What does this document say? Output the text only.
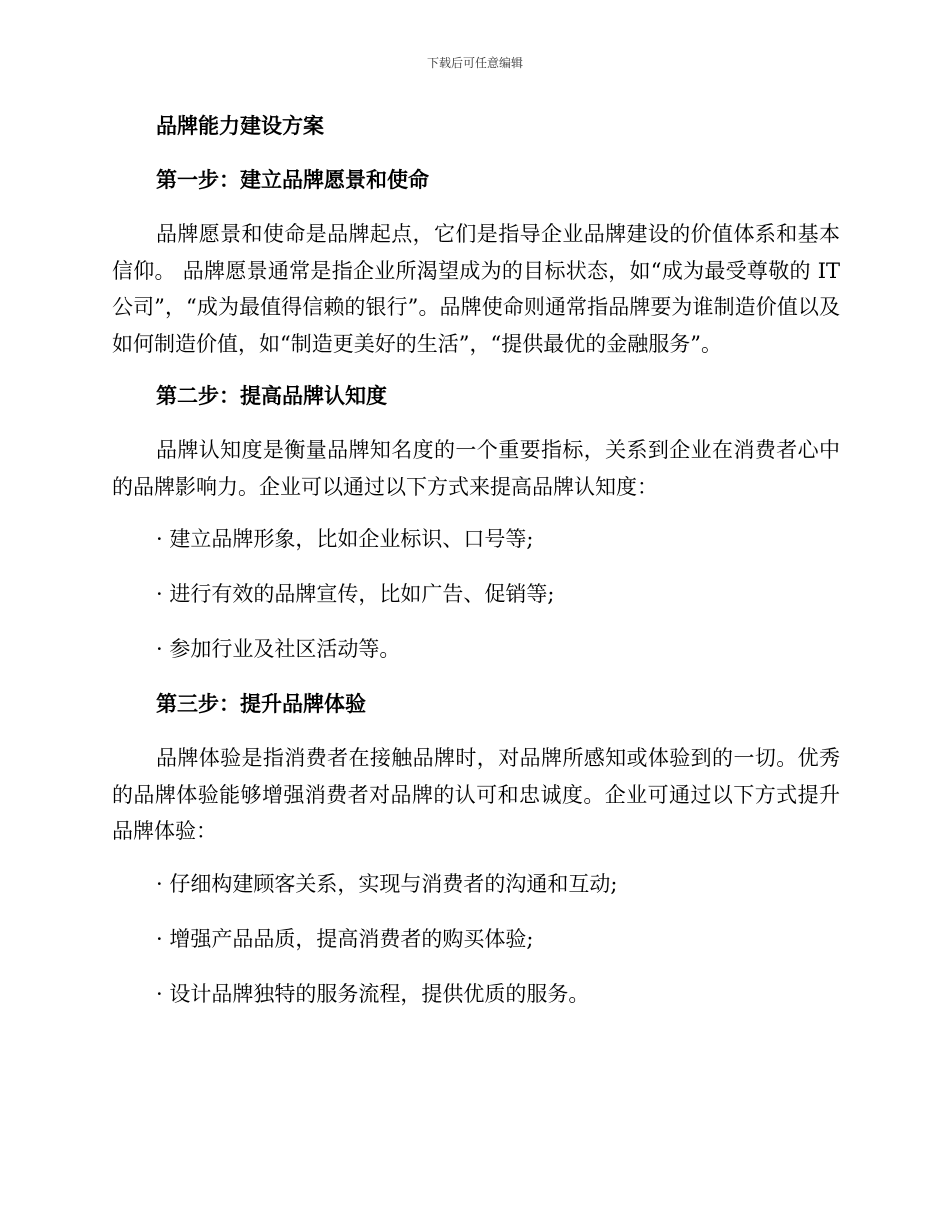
下载后可任意编辑
品牌能力建设方案
第一步：建立品牌愿景和使命
品牌愿景和使命是品牌起点，它们是指导企业品牌建设的价值体系和基本信仰。 品牌愿景通常是指企业所渴望成为的目标状态，如“成为最受尊敬的 IT 公司”，“成为最值得信赖的银行”。品牌使命则通常指品牌要为谁制造价值以及如何制造价值，如“制造更美好的生活”，“提供最优的金融服务”。
第二步：提高品牌认知度
品牌认知度是衡量品牌知名度的一个重要指标，关系到企业在消费者心中的品牌影响力。企业可以通过以下方式来提高品牌认知度：
· 建立品牌形象，比如企业标识、口号等;
· 进行有效的品牌宣传，比如广告、促销等;
· 参加行业及社区活动等。
第三步：提升品牌体验
品牌体验是指消费者在接触品牌时，对品牌所感知或体验到的一切。优秀的品牌体验能够增强消费者对品牌的认可和忠诚度。企业可通过以下方式提升品牌体验：
· 仔细构建顾客关系，实现与消费者的沟通和互动;
· 增强产品品质，提高消费者的购买体验;
· 设计品牌独特的服务流程，提供优质的服务。
